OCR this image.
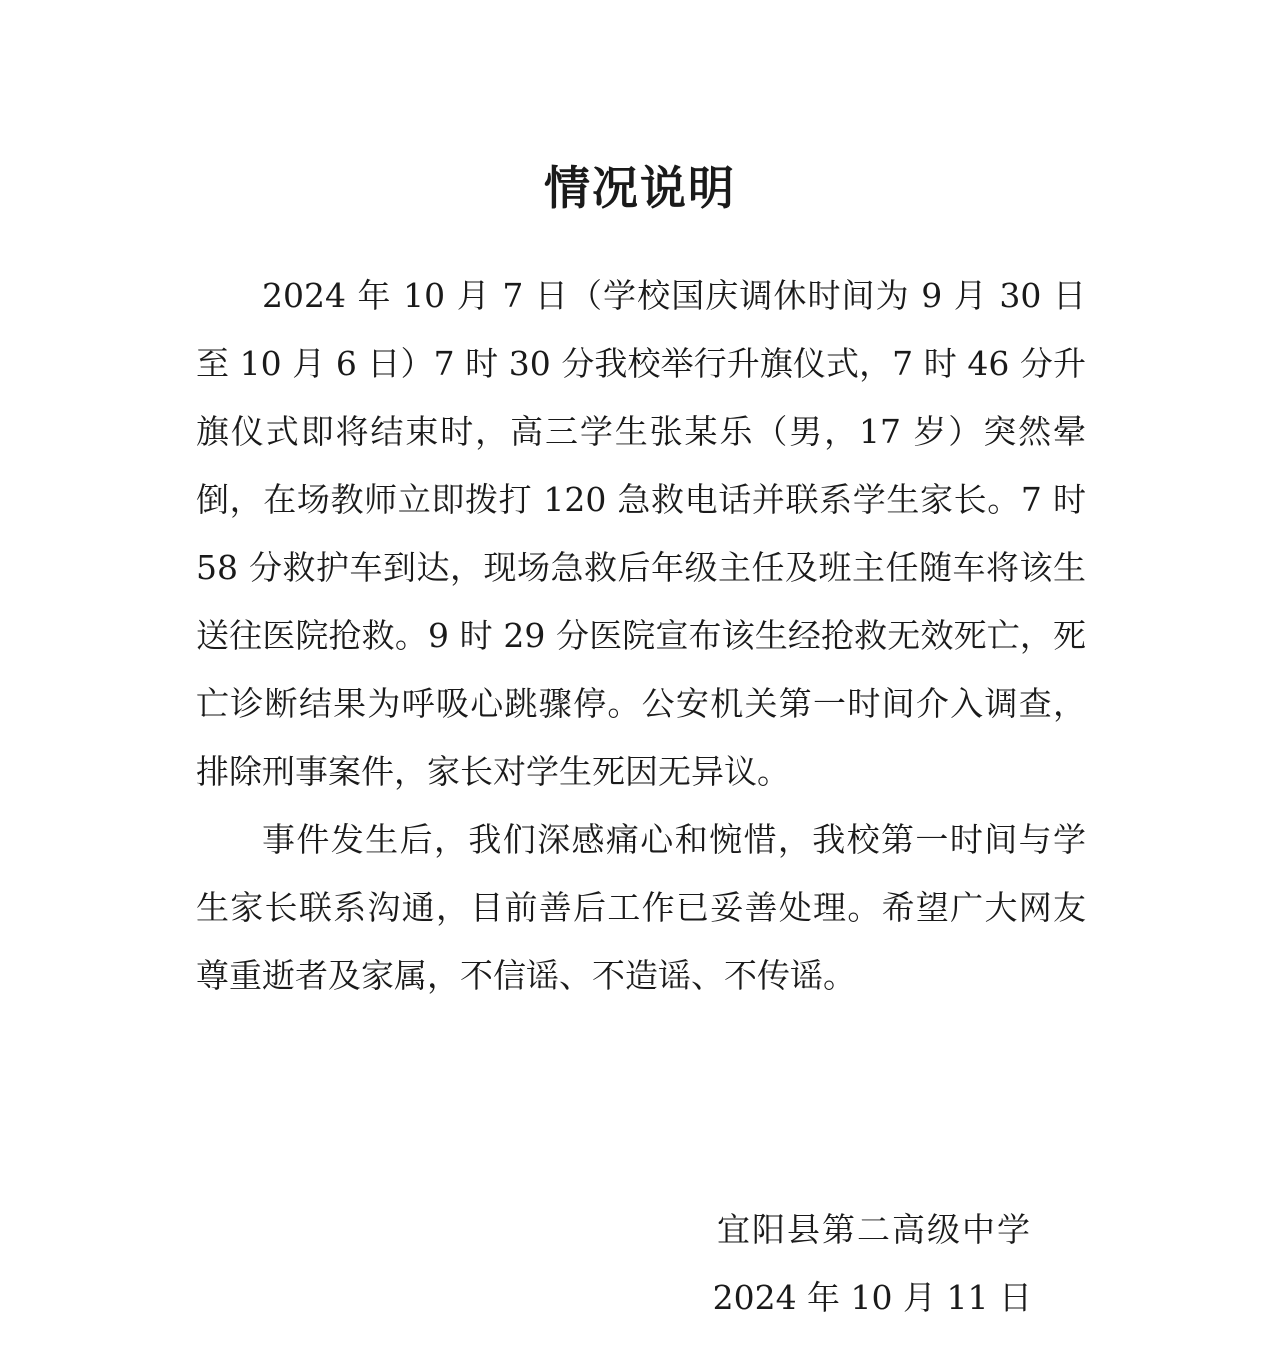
情况说明

2024 年 10 月 7 日（学校国庆调休时间为 9 月 30 日至 10 月 6 日）7 时 30 分我校举行升旗仪式，7 时 46 分升旗仪式即将结束时，高三学生张某乐（男，17 岁）突然晕倒，在场教师立即拨打 120 急救电话并联系学生家长。7 时 58 分救护车到达，现场急救后年级主任及班主任随车将该生送往医院抢救。9 时 29 分医院宣布该生经抢救无效死亡，死亡诊断结果为呼吸心跳骤停。公安机关第一时间介入调查，排除刑事案件，家长对学生死因无异议。

事件发生后，我们深感痛心和惋惜，我校第一时间与学生家长联系沟通，目前善后工作已妥善处理。希望广大网友尊重逝者及家属，不信谣、不造谣、不传谣。

宜阳县第二高级中学
2024 年 10 月 11 日
